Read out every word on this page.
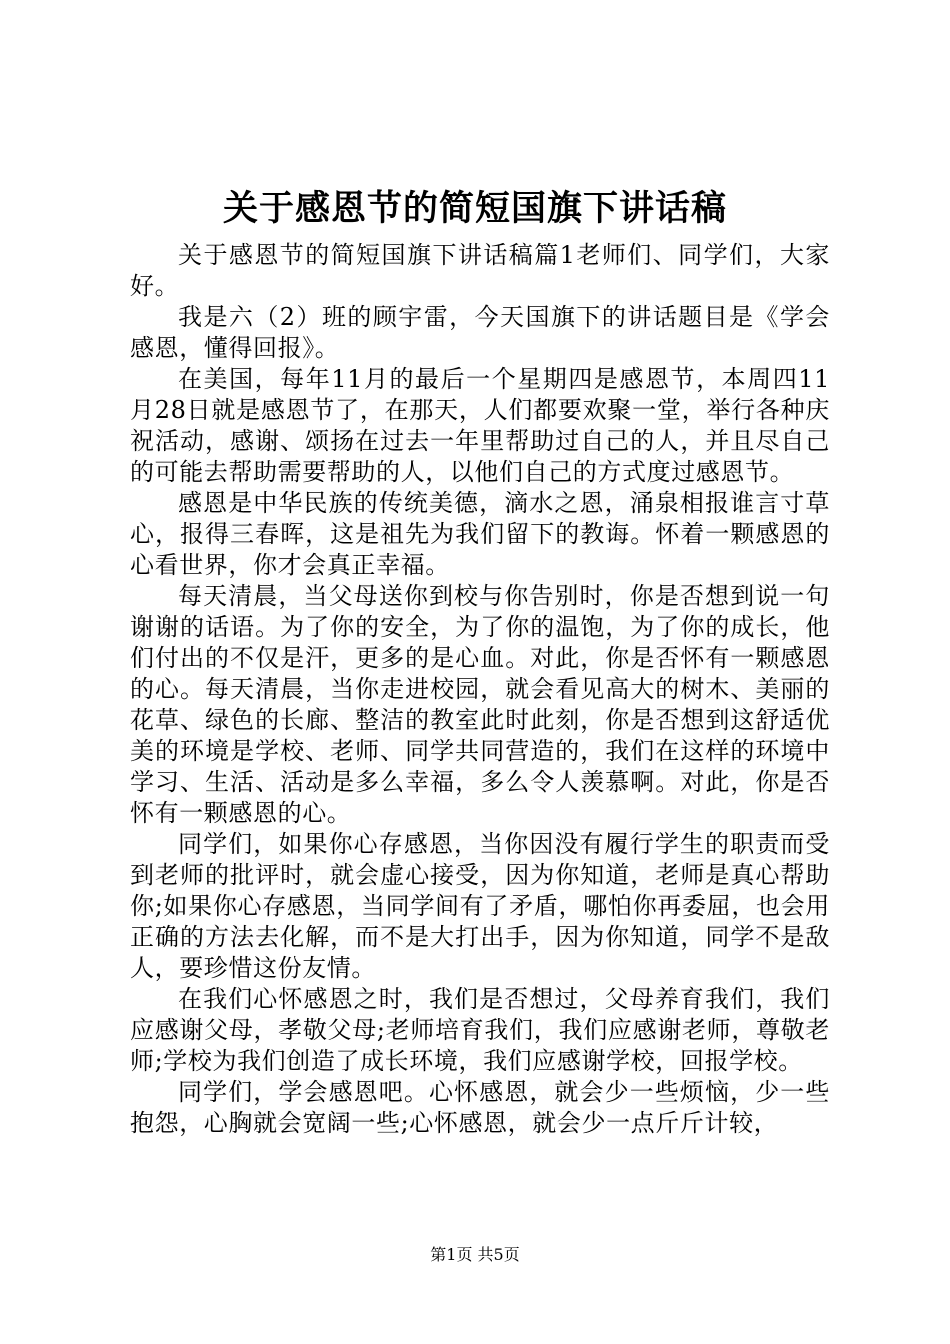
关于感恩节的简短国旗下讲话稿

关于感恩节的简短国旗下讲话稿篇1老师们、同学们，大家好。

我是六（2）班的顾宇雷，今天国旗下的讲话题目是《学会感恩，懂得回报》。

在美国，每年11月的最后一个星期四是感恩节，本周四11月28日就是感恩节了，在那天，人们都要欢聚一堂，举行各种庆祝活动，感谢、颂扬在过去一年里帮助过自己的人，并且尽自己的可能去帮助需要帮助的人，以他们自己的方式度过感恩节。

感恩是中华民族的传统美德，滴水之恩，涌泉相报谁言寸草心，报得三春晖，这是祖先为我们留下的教诲。怀着一颗感恩的心看世界，你才会真正幸福。

每天清晨，当父母送你到校与你告别时，你是否想到说一句谢谢的话语。为了你的安全，为了你的温饱，为了你的成长，他们付出的不仅是汗，更多的是心血。对此，你是否怀有一颗感恩的心。每天清晨，当你走进校园，就会看见高大的树木、美丽的花草、绿色的长廊、整洁的教室此时此刻，你是否想到这舒适优美的环境是学校、老师、同学共同营造的，我们在这样的环境中学习、生活、活动是多么幸福，多么令人羡慕啊。对此，你是否怀有一颗感恩的心。

同学们，如果你心存感恩，当你因没有履行学生的职责而受到老师的批评时，就会虚心接受，因为你知道，老师是真心帮助你;如果你心存感恩，当同学间有了矛盾，哪怕你再委屈，也会用正确的方法去化解，而不是大打出手，因为你知道，同学不是敌人，要珍惜这份友情。

在我们心怀感恩之时，我们是否想过，父母养育我们，我们应感谢父母，孝敬父母;老师培育我们，我们应感谢老师，尊敬老师;学校为我们创造了成长环境，我们应感谢学校，回报学校。

同学们，学会感恩吧。心怀感恩，就会少一些烦恼，少一些抱怨，心胸就会宽阔一些;心怀感恩，就会少一点斤斤计较，

第1页 共5页
